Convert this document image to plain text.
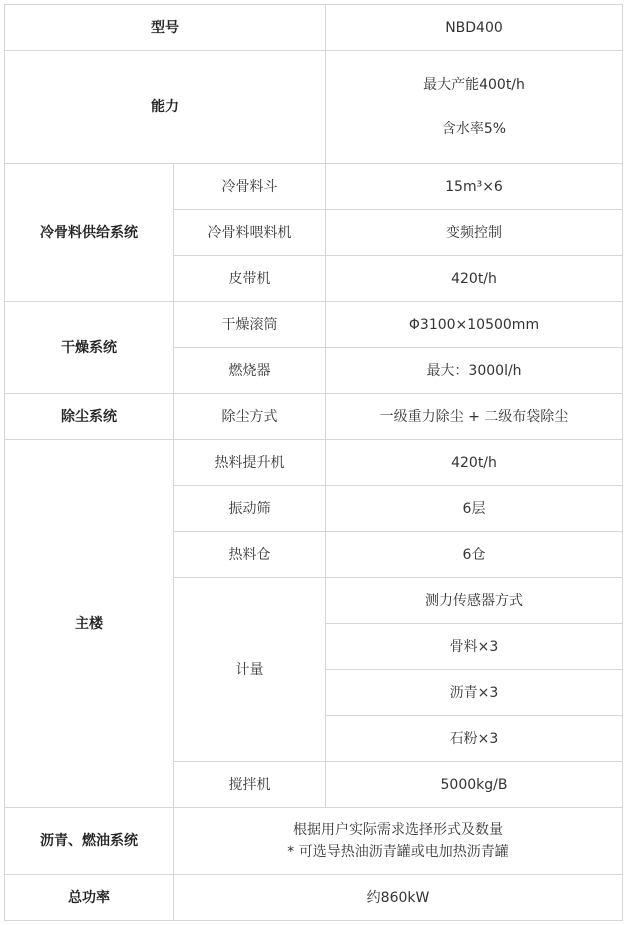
型号		NBD400
能力		最大产能400t/h
含水率5%

冷骨料供给系统	冷骨料斗	15m³×6
	冷骨料喂料机	变频控制
	皮带机	420t/h
干燥系统	干燥滚筒	Φ3100×10500mm
	燃烧器	最大：3000l/h
除尘系统	除尘方式	一级重力除尘 + 二级布袋除尘
主楼	热料提升机	420t/h
	振动筛	6层
	热料仓	6仓
	计量	测力传感器方式
		骨料×3
		沥青×3
		石粉×3
	搅拌机	5000kg/B
沥青、燃油系统	根据用户实际需求选择形式及数量
* 可选导热油沥青罐或电加热沥青罐	

总功率	约860kW	
